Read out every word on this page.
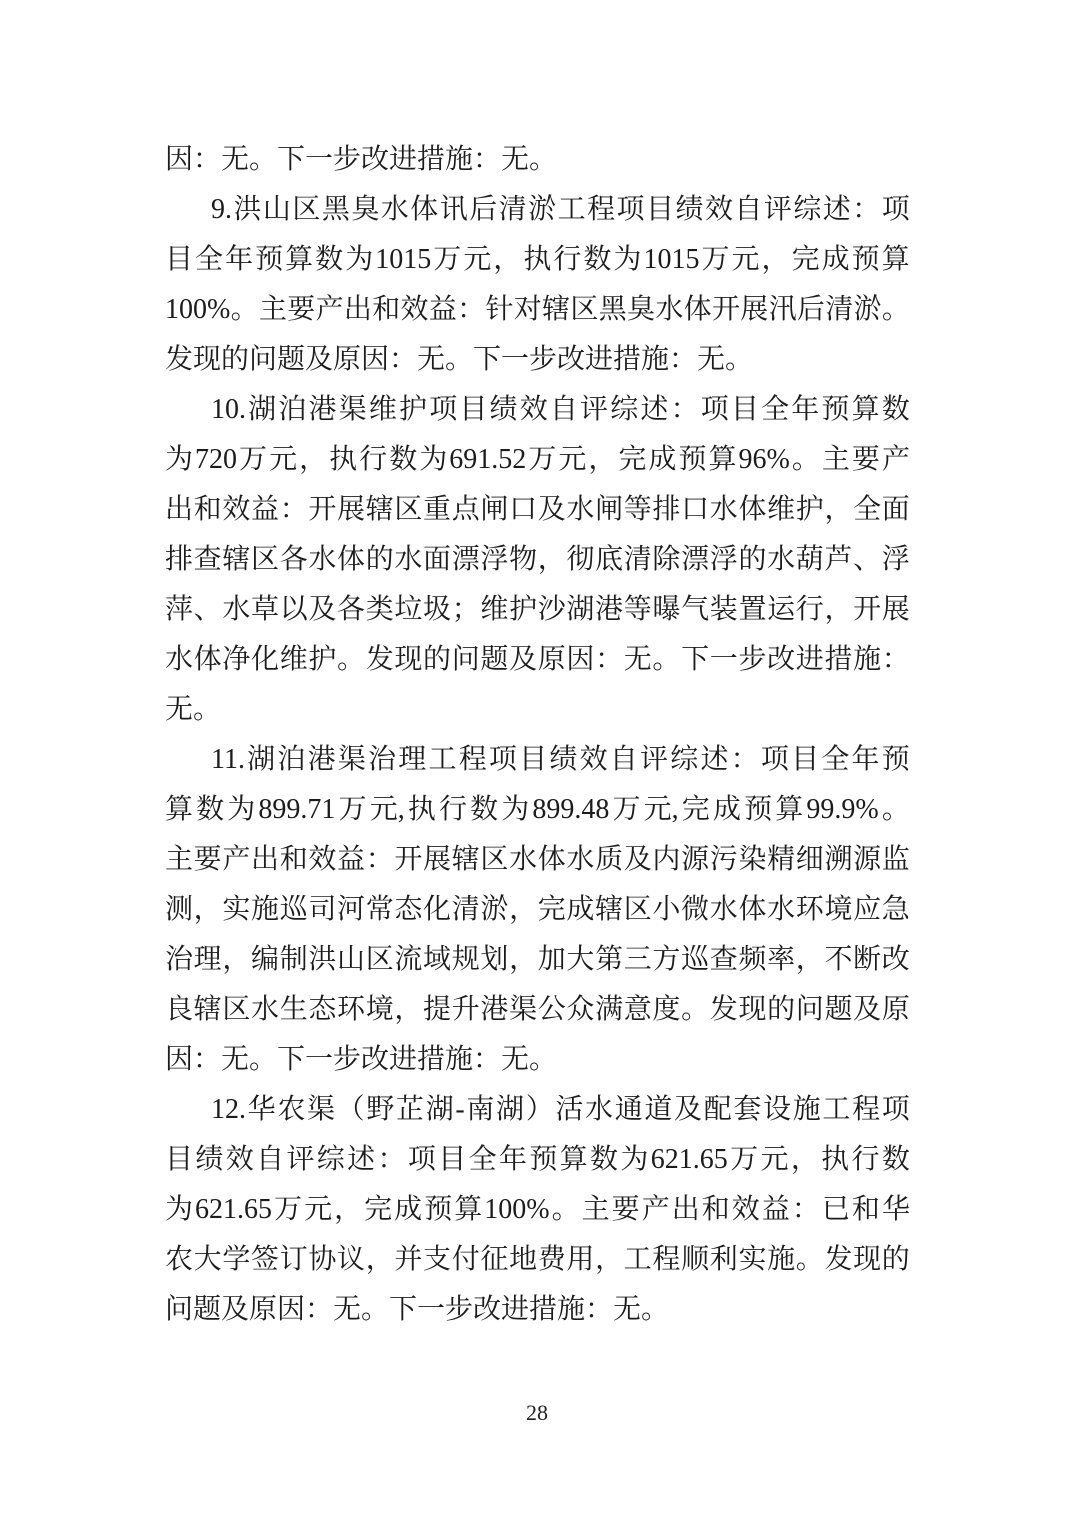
因：无。下一步改进措施：无。
9. 洪 山 区 黑 臭 水 体 讯 后 清 淤 工 程 项 目 绩 效 自 评 综 述 ： 项
目 全 年 预 算 数 为 1015 万 元 ， 执 行 数 为 1015 万 元 ， 完 成 预 算
100% 。 主 要 产 出 和 效 益 ： 针 对 辖 区 黑 臭 水 体 开 展 汛 后 清 淤 。
发现的问题及原因：无。下一步改进措施：无。
10. 湖 泊 港 渠 维 护 项 目 绩 效 自 评 综 述 ： 项 目 全 年 预 算 数
为 720 万 元 ， 执 行 数 为 691.52 万 元 ， 完 成 预 算 96% 。 主 要 产
出 和 效 益 ： 开 展 辖 区 重 点 闸 口 及 水 闸 等 排 口 水 体 维 护 ， 全 面
排 查 辖 区 各 水 体 的 水 面 漂 浮 物 ， 彻 底 清 除 漂 浮 的 水 葫 芦 、 浮
萍 、 水 草 以 及 各 类 垃 圾 ； 维 护 沙 湖 港 等 曝 气 装 置 运 行 ， 开 展
水 体 净 化 维 护 。 发 现 的 问 题 及 原 因 ： 无 。 下 一 步 改 进 措 施 ：
无。
11. 湖 泊 港 渠 治 理 工 程 项 目 绩 效 自 评 综 述 ： 项 目 全 年 预
算 数 为 899.71 万 元, 执 行 数 为 899.48 万 元, 完 成 预 算 99.9% 。
主 要 产 出 和 效 益 ： 开 展 辖 区 水 体 水 质 及 内 源 污 染 精 细 溯 源 监
测 ， 实 施 巡 司 河 常 态 化 清 淤 ， 完 成 辖 区 小 微 水 体 水 环 境 应 急
治 理 ， 编 制 洪 山 区 流 域 规 划 ， 加 大 第 三 方 巡 查 频 率 ， 不 断 改
良 辖 区 水 生 态 环 境 ， 提 升 港 渠 公 众 满 意 度 。 发 现 的 问 题 及 原
因：无。下一步改进措施：无。
12. 华 农 渠 （ 野 芷 湖 - 南 湖 ） 活 水 通 道 及 配 套 设 施 工 程 项
目 绩 效 自 评 综 述 ： 项 目 全 年 预 算 数 为 621.65 万 元 ， 执 行 数
为 621.65 万 元 ， 完 成 预 算 100% 。 主 要 产 出 和 效 益 ： 已 和 华
农 大 学 签 订 协 议 ， 并 支 付 征 地 费 用 ， 工 程 顺 利 实 施 。 发 现 的
问题及原因：无。下一步改进措施：无。
28
